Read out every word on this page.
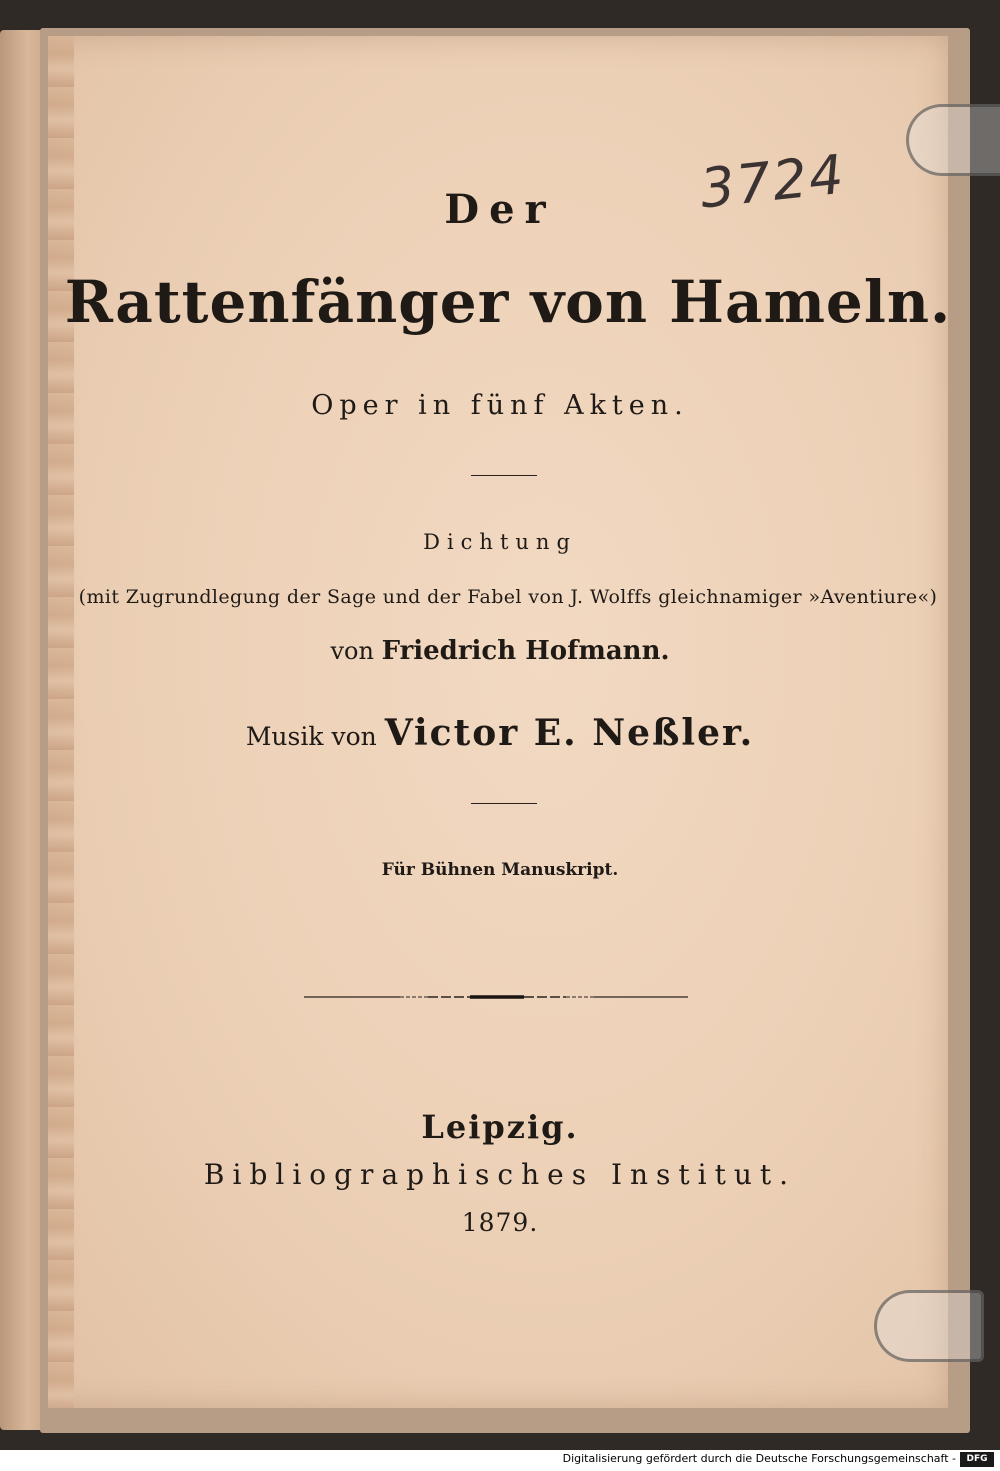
3724
Der
Rattenfänger von Hameln.
Oper in fünf Akten.
Dichtung
(mit Zugrundlegung der Sage und der Fabel von J. Wolffs gleichnamiger »Aventiure«)
von Friedrich Hofmann.
Musik von Victor E. Neßler.
Für Bühnen Manuskript.
Leipzig.
Bibliographisches Institut.
1879.
Digitalisierung gefördert durch die Deutsche Forschungsgemeinschaft -	DFG
